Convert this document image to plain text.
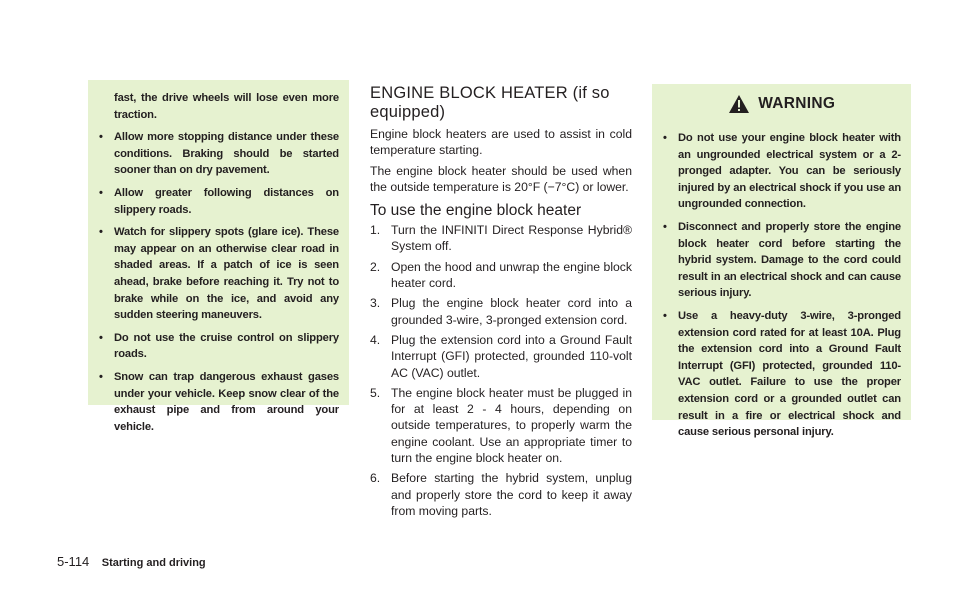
fast, the drive wheels will lose even more traction.
• Allow more stopping distance under these conditions. Braking should be started sooner than on dry pavement.
• Allow greater following distances on slippery roads.
• Watch for slippery spots (glare ice). These may appear on an otherwise clear road in shaded areas. If a patch of ice is seen ahead, brake before reaching it. Try not to brake while on the ice, and avoid any sudden steering maneuvers.
• Do not use the cruise control on slippery roads.
• Snow can trap dangerous exhaust gases under your vehicle. Keep snow clear of the exhaust pipe and from around your vehicle.
ENGINE BLOCK HEATER (if so equipped)

Engine block heaters are used to assist in cold temperature starting.

The engine block heater should be used when the outside temperature is 20°F (−7°C) or lower.

To use the engine block heater
1. Turn the INFINITI Direct Response Hybrid® System off.
2. Open the hood and unwrap the engine block heater cord.
3. Plug the engine block heater cord into a grounded 3-wire, 3-pronged extension cord.
4. Plug the extension cord into a Ground Fault Interrupt (GFI) protected, grounded 110-volt AC (VAC) outlet.
5. The engine block heater must be plugged in for at least 2 - 4 hours, depending on outside temperatures, to properly warm the engine coolant. Use an appropriate timer to turn the engine block heater on.
6. Before starting the hybrid system, unplug and properly store the cord to keep it away from moving parts.
WARNING
• Do not use your engine block heater with an ungrounded electrical system or a 2-pronged adapter. You can be seriously injured by an electrical shock if you use an ungrounded connection.
• Disconnect and properly store the engine block heater cord before starting the hybrid system. Damage to the cord could result in an electrical shock and can cause serious injury.
• Use a heavy-duty 3-wire, 3-pronged extension cord rated for at least 10A. Plug the extension cord into a Ground Fault Interrupt (GFI) protected, grounded 110-VAC outlet. Failure to use the proper extension cord or a grounded outlet can result in a fire or electrical shock and cause serious personal injury.
5-114 Starting and driving
